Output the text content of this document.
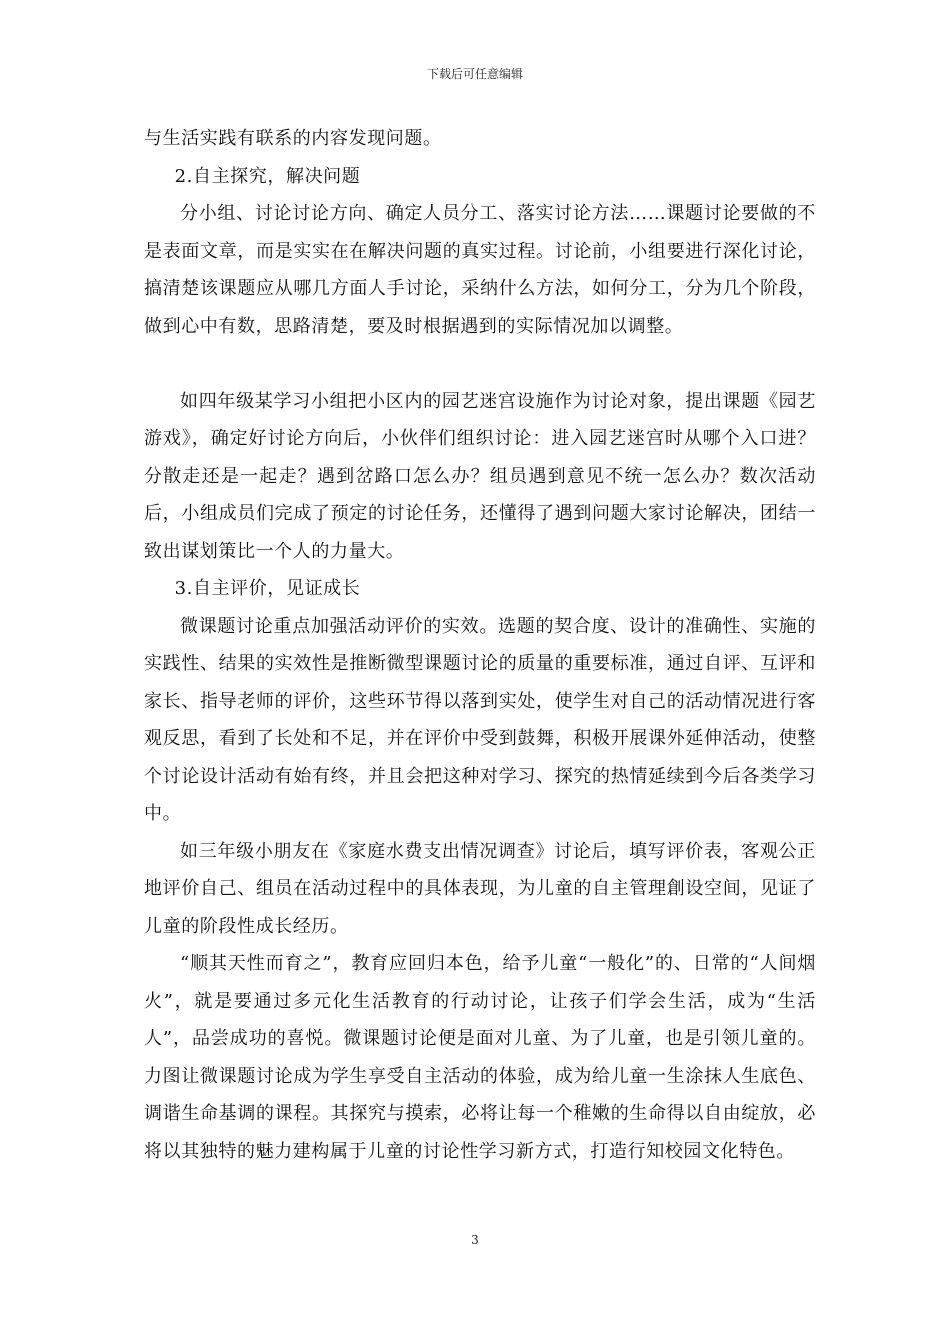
下载后可任意编辑

与生活实践有联系的内容发现问题。

2.自主探究，解决问题

分小组、讨论讨论方向、确定人员分工、落实讨论方法……课题讨论要做的不是表面文章，而是实实在在解决问题的真实过程。讨论前，小组要进行深化讨论，搞清楚该课题应从哪几方面人手讨论，采纳什么方法，如何分工，分为几个阶段，做到心中有数，思路清楚，要及时根据遇到的实际情况加以调整。

如四年级某学习小组把小区内的园艺迷宫设施作为讨论对象，提出课题《园艺游戏》，确定好讨论方向后，小伙伴们组织讨论：进入园艺迷宫时从哪个入口进？分散走还是一起走？遇到岔路口怎么办？组员遇到意见不统一怎么办？数次活动后，小组成员们完成了预定的讨论任务，还懂得了遇到问题大家讨论解决，团结一致出谋划策比一个人的力量大。

3.自主评价，见证成长

微课题讨论重点加强活动评价的实效。选题的契合度、设计的准确性、实施的实践性、结果的实效性是推断微型课题讨论的质量的重要标准，通过自评、互评和家长、指导老师的评价，这些环节得以落到实处，使学生对自己的活动情况进行客观反思，看到了长处和不足，并在评价中受到鼓舞，积极开展课外延伸活动，使整个讨论设计活动有始有终，并且会把这种对学习、探究的热情延续到今后各类学习中。

如三年级小朋友在《家庭水费支出情况调查》讨论后，填写评价表，客观公正地评价自己、组员在活动过程中的具体表现，为儿童的自主管理創设空间，见证了儿童的阶段性成长经历。

“顺其天性而育之”，教育应回归本色，给予儿童“一般化”的、日常的“人间烟火”，就是要通过多元化生活教育的行动讨论，让孩子们学会生活，成为“生活人”，品尝成功的喜悦。微课题讨论便是面对儿童、为了儿童，也是引领儿童的。力图让微课题讨论成为学生享受自主活动的体验，成为给儿童一生涂抹人生底色、调谐生命基调的课程。其探究与摸索，必将让每一个稚嫩的生命得以自由绽放，必将以其独特的魅力建构属于儿童的讨论性学习新方式，打造行知校园文化特色。

3
